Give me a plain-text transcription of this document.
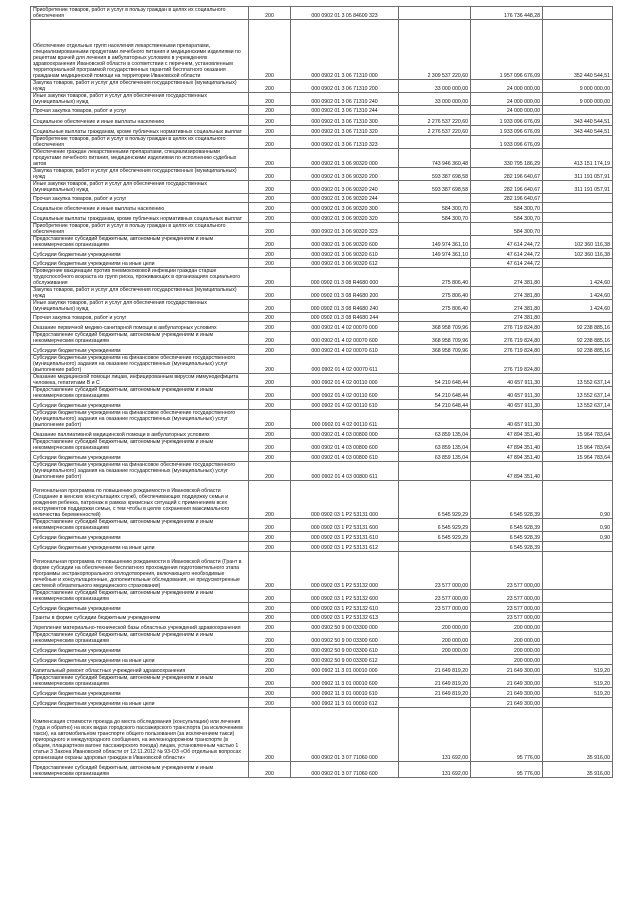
Приобретение товаров, работ и услуг в пользу граждан в целях их социального обеспечения	200	000 0902 01 3 05 84600 323		176 736 448,28	
Обеспечение отдельных групп населения лекарственными препаратами, специализированными продуктами лечебного питания и медицинскими изделиями по рецептам врачей для лечения в амбулаторных условиях в учреждениях здравоохранения Ивановской области в соответствии с перечнем, установленным территориальной программой государственных гарантий бесплатного оказания гражданам медицинской помощи на территории Ивановской области	200	000 0902 01 3 06 71310 000	2 309 537 220,60	1 957 096 676,09	352 440 544,51
Закупка товаров, работ и услуг для обеспечения государственных (муниципальных) нужд	200	000 0902 01 3 06 71310 200	33 000 000,00	24 000 000,00	9 000 000,00
Иные закупки товаров, работ и услуг для обеспечения государственных (муниципальных) нужд	200	000 0902 01 3 06 71310 240	33 000 000,00	24 000 000,00	9 000 000,00
Прочая закупка товаров, работ и услуг	200	000 0902 01 3 06 71310 244		24 000 000,00	
Социальное обеспечение и иные выплаты населению	200	000 0902 01 3 06 71310 300	2 276 537 220,60	1 933 096 676,09	343 440 544,51
Социальные выплаты гражданам, кроме публичных нормативных социальных выплат	200	000 0902 01 3 06 71310 320	2 276 537 220,60	1 933 096 676,09	343 440 544,51
Приобретение товаров, работ и услуг в пользу граждан в целях их социального обеспечения	200	000 0902 01 3 06 71310 323		1 933 096 676,09	
Обеспечение граждан лекарственными препаратами, специализированными продуктами лечебного питания, медицинскими изделиями по исполнению судебных актов	200	000 0902 01 3 06 90320 000	743 946 360,48	330 795 186,29	413 151 174,19
Закупка товаров, работ и услуг для обеспечения государственных (муниципальных) нужд	200	000 0902 01 3 06 90320 200	593 387 698,58	282 196 640,67	311 191 057,91
Иные закупки товаров, работ и услуг для обеспечения государственных (муниципальных) нужд	200	000 0902 01 3 06 90320 240	593 387 698,58	282 196 640,67	311 191 057,91
Прочая закупка товаров, работ и услуг	200	000 0902 01 3 06 90320 244		282 196 640,67	
Социальное обеспечение и иные выплаты населению	200	000 0902 01 3 06 90320 300	584 300,70	584 300,70	
Социальные выплаты гражданам, кроме публичных нормативных социальных выплат	200	000 0902 01 3 06 90320 320	584 300,70	584 300,70	
Приобретение товаров, работ и услуг в пользу граждан в целях их социального обеспечения	200	000 0902 01 3 06 90320 323		584 300,70	
Предоставление субсидий бюджетным, автономным учреждениям и иным некоммерческим организациям	200	000 0902 01 3 06 90320 600	149 974 361,10	47 614 244,72	102 360 116,38
Субсидии бюджетным учреждениям	200	000 0902 01 3 06 90320 610	149 974 361,10	47 614 244,72	102 360 116,38
Субсидии бюджетным учреждениям на иные цели	200	000 0902 01 3 06 90320 612		47 614 244,72	
Проведение вакцинации против пневмококковой инфекции граждан старше трудоспособного возраста из групп риска, проживающих в организациях социального обслуживания	200	000 0902 01 3 08 R4680 000	275 806,40	274 381,80	1 424,60
Закупка товаров, работ и услуг для обеспечения государственных (муниципальных) нужд	200	000 0902 01 3 08 R4680 200	275 806,40	274 381,80	1 424,60
Иные закупки товаров, работ и услуг для обеспечения государственных (муниципальных) нужд	200	000 0902 01 3 08 R4680 240	275 806,40	274 381,80	1 424,60
Прочая закупка товаров, работ и услуг	200	000 0902 01 3 08 R4680 244		274 381,80	
Оказание первичной медико-санитарной помощи в амбулаторных условиях	200	000 0902 01 4 02 00070 000	368 958 709,96	276 719 824,80	92 238 885,16
Предоставление субсидий бюджетным, автономным учреждениям и иным некоммерческим организациям	200	000 0902 01 4 02 00070 600	368 958 709,96	276 719 824,80	92 238 885,16
Субсидии бюджетным учреждениям	200	000 0902 01 4 02 00070 610	368 958 709,96	276 719 824,80	92 238 885,16
Субсидии бюджетным учреждениям на финансовое обеспечение государственного (муниципального) задания на оказание государственных (муниципальных) услуг (выполнение работ)	200	000 0902 01 4 02 00070 611		276 719 824,80	
Оказание медицинской помощи лицам, инфицированным вирусом иммунодефицита человека, гепатитами B и C	200	000 0902 01 4 02 00110 000	54 210 648,44	40 657 911,30	13 552 637,14
Предоставление субсидий бюджетным, автономным учреждениям и иным некоммерческим организациям	200	000 0902 01 4 02 00110 600	54 210 648,44	40 657 911,30	13 552 637,14
Субсидии бюджетным учреждениям	200	000 0902 01 4 02 00110 610	54 210 648,44	40 657 911,30	13 552 637,14
Субсидии бюджетным учреждениям на финансовое обеспечение государственного (муниципального) задания на оказание государственных (муниципальных) услуг (выполнение работ)	200	000 0902 01 4 02 00110 611		40 657 911,30	
Оказание паллиативной медицинской помощи в амбулаторных условиях	200	000 0902 01 4 03 00800 000	63 859 135,04	47 894 351,40	15 964 783,64
Предоставление субсидий бюджетным, автономным учреждениям и иным некоммерческим организациям	200	000 0902 01 4 03 00800 600	63 859 135,04	47 894 351,40	15 964 783,64
Субсидии бюджетным учреждениям	200	000 0902 01 4 03 00800 610	63 859 135,04	47 894 351,40	15 964 783,64
Субсидии бюджетным учреждениям на финансовое обеспечение государственного (муниципального) задания на оказание государственных (муниципальных) услуг (выполнение работ)	200	000 0902 01 4 03 00800 611		47 894 351,40	
Региональная программа по повышению рождаемости в Ивановской области (Создание в женских консультациях служб, обеспечивающих поддержку семьи и рождения ребенка, патронаж в рамках кризисных ситуаций с применением всех инструментов поддержки семьи, с тем чтобы в целях сохранения максимального количества беременностей)	200	000 0902 03 1 Р2 53131 000	6 545 929,29	6 545 928,39	0,90
Предоставление субсидий бюджетным, автономным учреждениям и иным некоммерческим организациям	200	000 0902 03 1 Р2 53131 600	6 545 929,29	6 545 928,39	0,90
Субсидии бюджетным учреждениям	200	000 0902 03 1 Р2 53131 610	6 545 929,29	6 545 928,39	0,90
Субсидии бюджетным учреждениям на иные цели	200	000 0902 03 1 Р2 53131 612		6 545 928,39	
Региональная программа по повышению рождаемости в Ивановской области (Грант в форме субсидии на обеспечение бесплатного прохождения подготовительного этапа программы экстракорпорального оплодотворения, включающего необходимые лечебные и консультационные, дополнительные обследования, не предусмотренные системой обязательного медицинского страхования)	200	000 0902 03 1 Р2 53132 000	23 577 000,00	23 577 000,00	
Предоставление субсидий бюджетным, автономным учреждениям и иным некоммерческим организациям	200	000 0902 03 1 Р2 53132 600	23 577 000,00	23 577 000,00	
Субсидии бюджетным учреждениям	200	000 0902 03 1 Р2 53132 610	23 577 000,00	23 577 000,00	
Гранты в форме субсидии бюджетным учреждениям	200	000 0902 03 1 Р2 53132 613		23 577 000,00	
Укрепление материально-технической базы областных учреждений здравоохранения	200	000 0902 50 9 00 03300 000	200 000,00	200 000,00	
Предоставление субсидий бюджетным, автономным учреждениям и иным некоммерческим организациям	200	000 0902 50 9 00 03300 600	200 000,00	200 000,00	
Субсидии бюджетным учреждениям	200	000 0902 50 9 00 03300 610	200 000,00	200 000,00	
Субсидии бюджетным учреждениям на иные цели	200	000 0902 50 9 00 03300 612		200 000,00	
Капитальный ремонт областных учреждений здравоохранения	200	000 0902 11 3 01 00010 000	21 649 819,20	21 649 300,00	519,20
Предоставление субсидий бюджетным, автономным учреждениям и иным некоммерческим организациям	200	000 0902 11 3 01 00010 600	21 649 819,20	21 649 300,00	519,20
Субсидии бюджетным учреждениям	200	000 0902 11 3 01 00010 610	21 649 819,20	21 649 300,00	519,20
Субсидии бюджетным учреждениям на иные цели	200	000 0902 11 3 01 00010 612		21 649 300,00	
Компенсация стоимости проезда до места обследования (консультации) или лечения (туда и обратно) на всех видах городского пассажирского транспорта (за исключением такси), на автомобильном транспорте общего пользования (за исключением такси) пригородного и междугородного сообщения, на железнодорожном транспорте (в общем, плацкартном вагоне пассажирского поезда) лицам, установленным частью 1 статьи 3 Закона Ивановской области от 12.11.2012 № 93-ОЗ «Об отдельных вопросах организации охраны здоровья граждан в Ивановской области»	200	000 0902 01 3 07 71060 000	131 692,00	95 776,00	35 916,00
Предоставление субсидий бюджетным, автономным учреждениям и иным некоммерческим организациям	200	000 0902 01 3 07 71060 600	131 692,00	95 776,00	35 916,00
